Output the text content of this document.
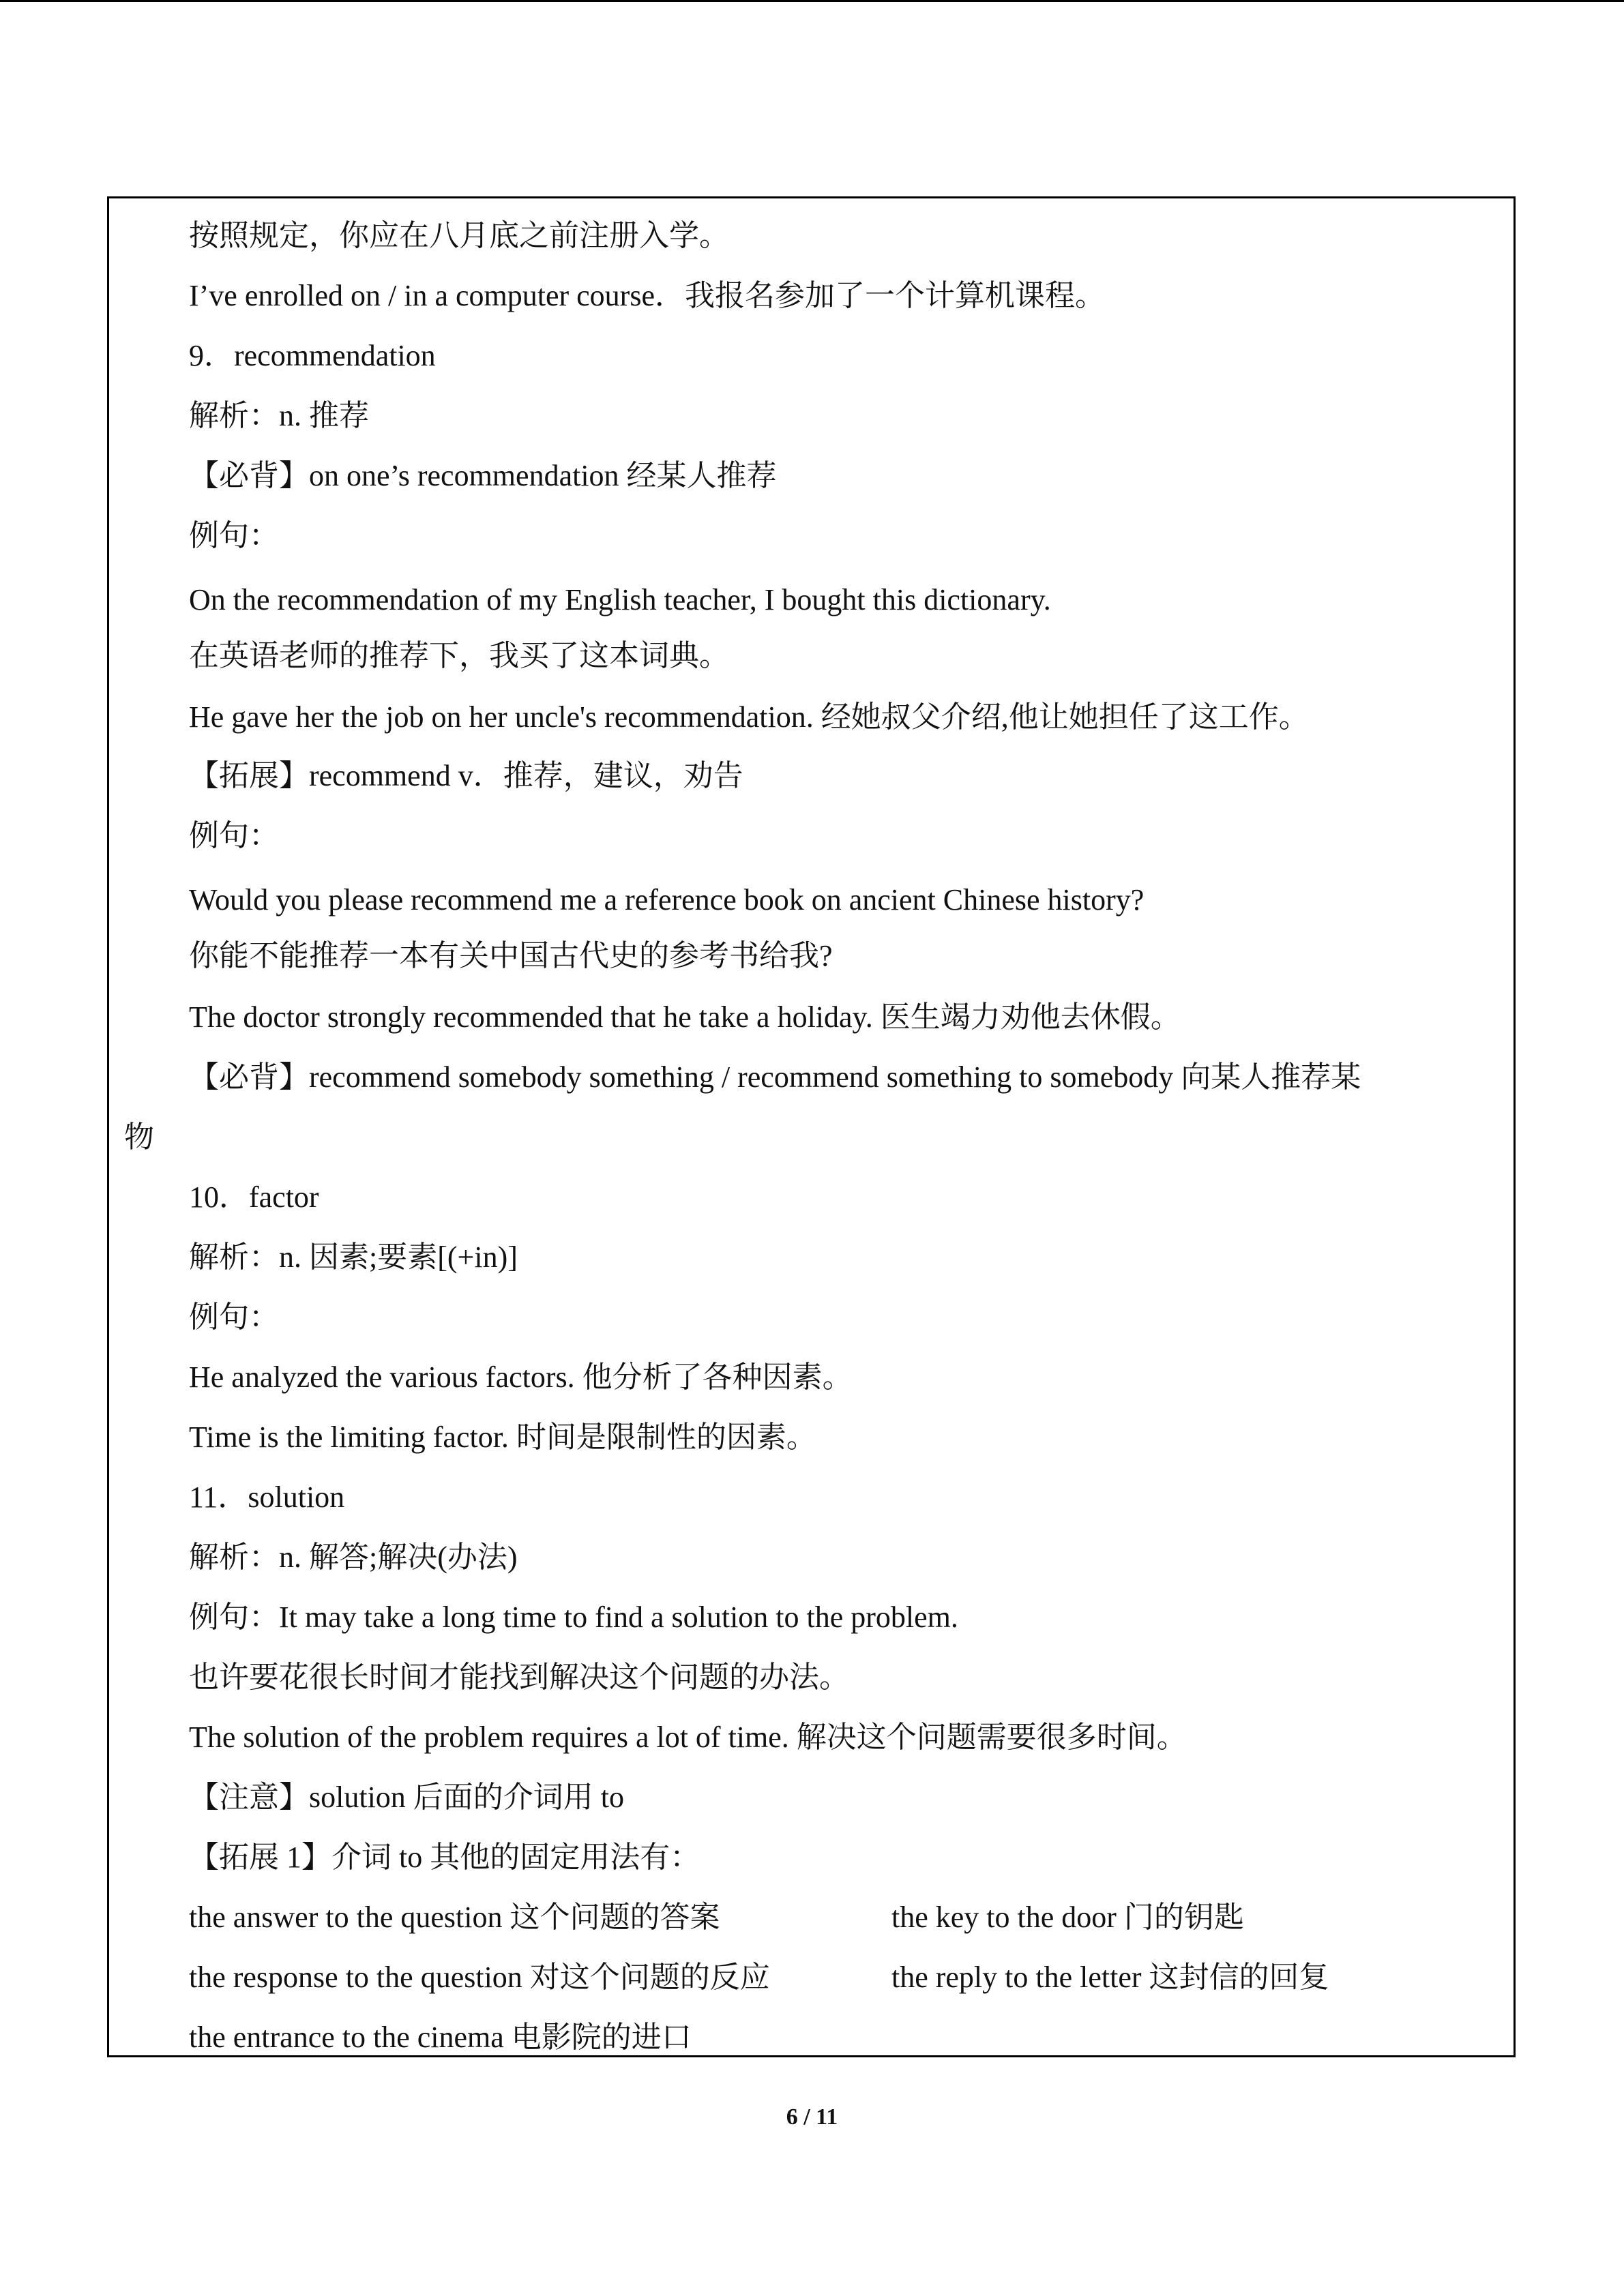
按照规定，你应在八月底之前注册入学。
I’ve enrolled on / in a computer course．我报名参加了一个计算机课程。
9．recommendation
解析：n. 推荐
【必背】on one’s recommendation 经某人推荐
例句：
On the recommendation of my English teacher, I bought this dictionary.
在英语老师的推荐下，我买了这本词典。
He gave her the job on her uncle's recommendation. 经她叔父介绍,他让她担任了这工作。
【拓展】recommend v．推荐，建议，劝告
例句：
Would you please recommend me a reference book on ancient Chinese history?
你能不能推荐一本有关中国古代史的参考书给我?
The doctor strongly recommended that he take a holiday. 医生竭力劝他去休假。
【必背】recommend somebody something / recommend something to somebody 向某人推荐某
物
10．factor
解析：n. 因素;要素[(+in)]
例句：
He analyzed the various factors. 他分析了各种因素。
Time is the limiting factor. 时间是限制性的因素。
11．solution
解析：n. 解答;解决(办法)
例句：It may take a long time to find a solution to the problem.
也许要花很长时间才能找到解决这个问题的办法。
The solution of the problem requires a lot of time. 解决这个问题需要很多时间。
【注意】solution 后面的介词用 to
【拓展 1】介词 to 其他的固定用法有：
the answer to the question 这个问题的答案	the key to the door 门的钥匙
the response to the question 对这个问题的反应	the reply to the letter 这封信的回复
the entrance to the cinema 电影院的进口
6 / 11
